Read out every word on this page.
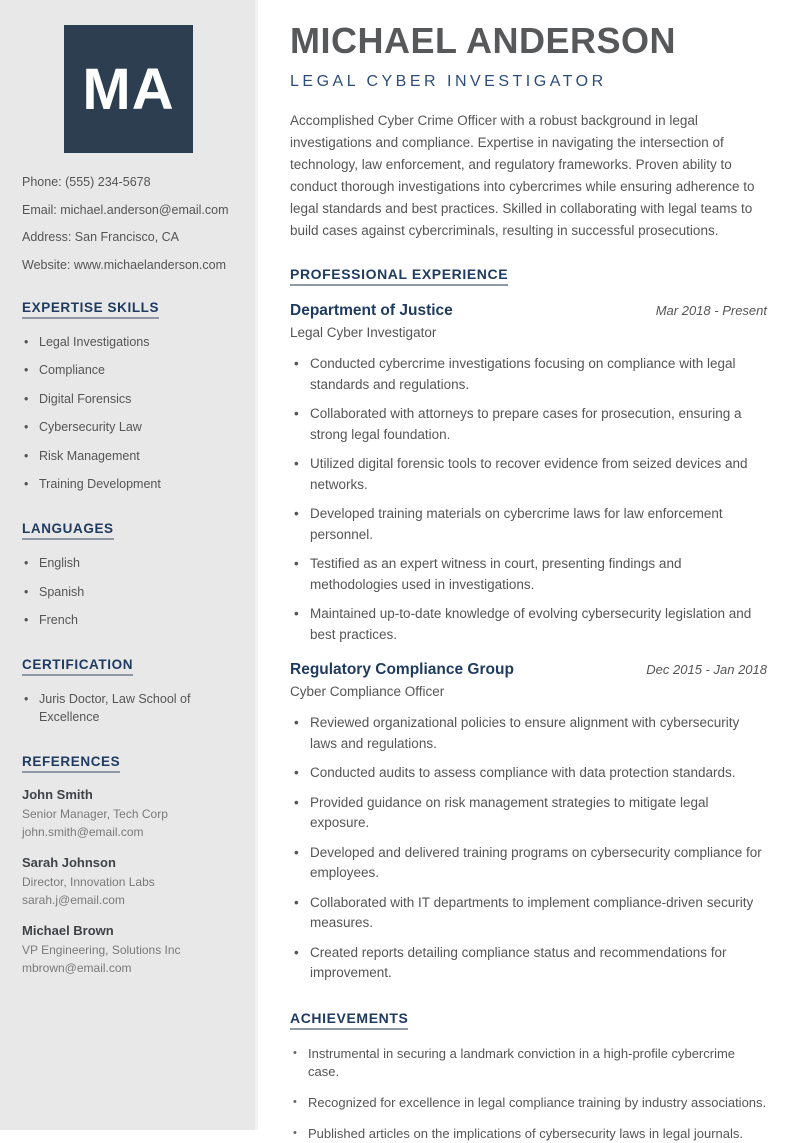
MA
Phone: (555) 234-5678
Email: michael.anderson@email.com
Address: San Francisco, CA
Website: www.michaelanderson.com
EXPERTISE SKILLS
• Legal Investigations
• Compliance
• Digital Forensics
• Cybersecurity Law
• Risk Management
• Training Development
LANGUAGES
• English
• Spanish
• French
CERTIFICATION
• Juris Doctor, Law School of Excellence
REFERENCES
John Smith
Senior Manager, Tech Corp
john.smith@email.com
Sarah Johnson
Director, Innovation Labs
sarah.j@email.com
Michael Brown
VP Engineering, Solutions Inc
mbrown@email.com
MICHAEL ANDERSON
LEGAL CYBER INVESTIGATOR

Accomplished Cyber Crime Officer with a robust background in legal investigations and compliance. Expertise in navigating the intersection of technology, law enforcement, and regulatory frameworks. Proven ability to conduct thorough investigations into cybercrimes while ensuring adherence to legal standards and best practices. Skilled in collaborating with legal teams to build cases against cybercriminals, resulting in successful prosecutions.

PROFESSIONAL EXPERIENCE
Department of Justice	Mar 2018 - Present
Legal Cyber Investigator
• Conducted cybercrime investigations focusing on compliance with legal standards and regulations.
• Collaborated with attorneys to prepare cases for prosecution, ensuring a strong legal foundation.
• Utilized digital forensic tools to recover evidence from seized devices and networks.
• Developed training materials on cybercrime laws for law enforcement personnel.
• Testified as an expert witness in court, presenting findings and methodologies used in investigations.
• Maintained up-to-date knowledge of evolving cybersecurity legislation and best practices.
Regulatory Compliance Group	Dec 2015 - Jan 2018
Cyber Compliance Officer
• Reviewed organizational policies to ensure alignment with cybersecurity laws and regulations.
• Conducted audits to assess compliance with data protection standards.
• Provided guidance on risk management strategies to mitigate legal exposure.
• Developed and delivered training programs on cybersecurity compliance for employees.
• Collaborated with IT departments to implement compliance-driven security measures.
• Created reports detailing compliance status and recommendations for improvement.
ACHIEVEMENTS
• Instrumental in securing a landmark conviction in a high-profile cybercrime case.
• Recognized for excellence in legal compliance training by industry associations.
• Published articles on the implications of cybersecurity laws in legal journals.
